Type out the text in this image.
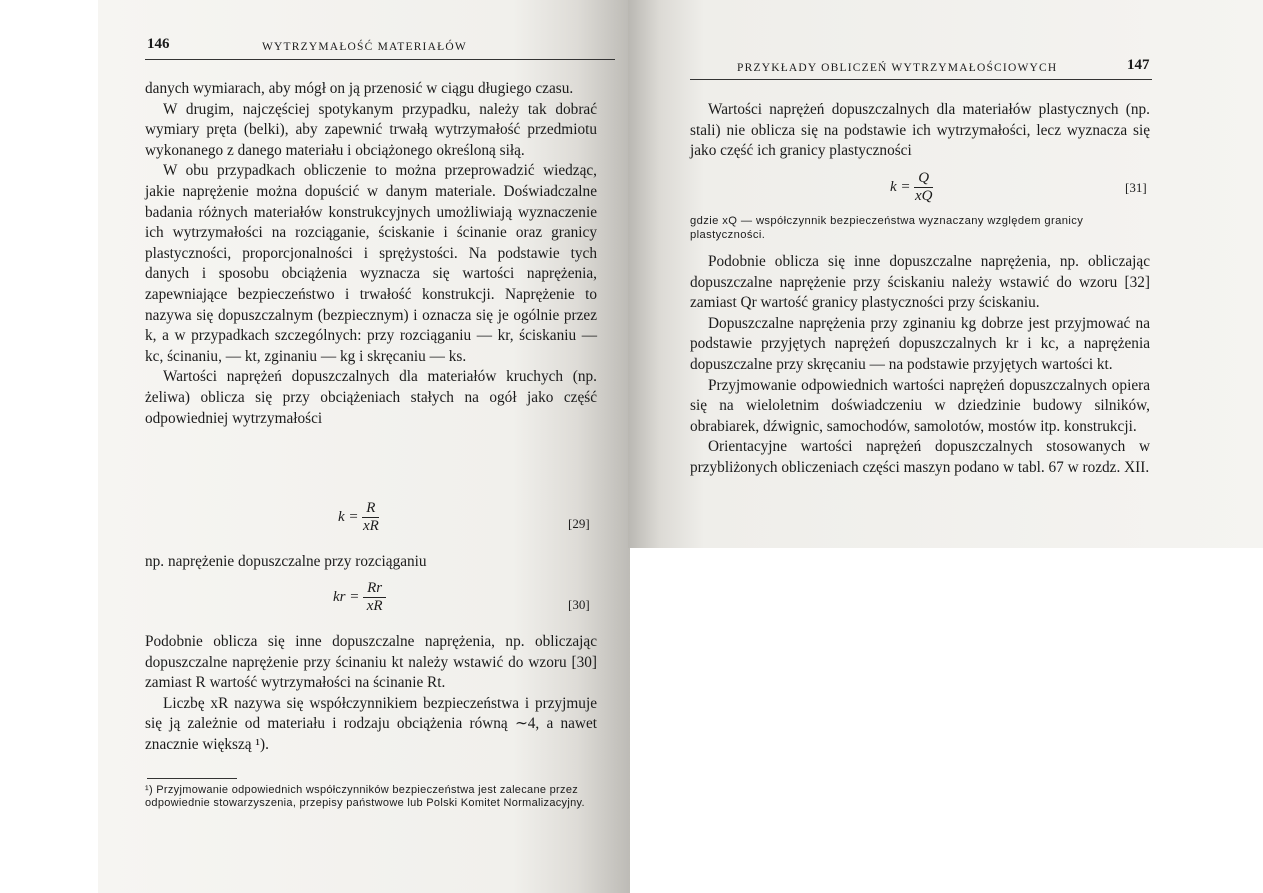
146	WYTRZYMAŁOŚĆ MATERIAŁÓW

danych wymiarach, aby mógł on ją przenosić w ciągu długiego czasu.

W drugim, najczęściej spotykanym przypadku, należy tak dobrać wymiary pręta (belki), aby zapewnić trwałą wytrzymałość przedmiotu wykonanego z danego materiału i obciążonego określoną siłą.

W obu przypadkach obliczenie to można przeprowadzić wiedząc, jakie naprężenie można dopuścić w danym materiale. Doświadczalne badania różnych materiałów konstrukcyjnych umożliwiają wyznaczenie ich wytrzymałości na rozciąganie, ściskanie i ścinanie oraz granicy plastyczności, proporcjonalności i sprężystości. Na podstawie tych danych i sposobu obciążenia wyznacza się wartości naprężenia, zapewniające bezpieczeństwo i trwałość konstrukcji. Naprężenie to nazywa się dopuszczalnym (bezpiecznym) i oznacza się je ogólnie przez k, a w przypadkach szczególnych: przy rozciąganiu — kr, ściskaniu — kc, ścinaniu, — kt, zginaniu — kg i skręcaniu — ks.

Wartości naprężeń dopuszczalnych dla materiałów kruchych (np. żeliwa) oblicza się przy obciążeniach stałych na ogół jako część odpowiedniej wytrzymałości

$k = \frac{R}{xR}$	[29]
np. naprężenie dopuszczalne przy rozciąganiu
kr = $\frac{Rr}{xR}$	[30]

Podobnie oblicza się inne dopuszczalne naprężenia, np. obliczając dopuszczalne naprężenie przy ścinaniu kt należy wstawić do wzoru [30] zamiast R wartość wytrzymałości na ścinanie Rt.

Liczbę xR nazywa się współczynnikiem bezpieczeństwa i przyjmuje się ją zależnie od materiału i rodzaju obciążenia równą ∼4, a nawet znacznie większą ¹).

¹) Przyjmowanie odpowiednich współczynników bezpieczeństwa jest zalecane przez odpowiednie stowarzyszenia, przepisy państwowe lub Polski Komitet Normalizacyjny.
PRZYKŁADY OBLICZEŃ WYTRZYMAŁOŚCIOWYCH	147

Wartości naprężeń dopuszczalnych dla materiałów plastycznych (np. stali) nie oblicza się na podstawie ich wytrzymałości, lecz wyznacza się jako część ich granicy plastyczności

$k = \frac{Q}{xQ}$	[31]
gdzie xQ — współczynnik bezpieczeństwa wyznaczany względem granicy plastyczności.

Podobnie oblicza się inne dopuszczalne naprężenia, np. obliczając dopuszczalne naprężenie przy ściskaniu należy wstawić do wzoru [32] zamiast Qr wartość granicy plastyczności przy ściskaniu.

Dopuszczalne naprężenia przy zginaniu kg dobrze jest przyjmować na podstawie przyjętych naprężeń dopuszczalnych kr i kc, a naprężenia dopuszczalne przy skręcaniu — na podstawie przyjętych wartości kt.

Przyjmowanie odpowiednich wartości naprężeń dopuszczalnych opiera się na wieloletnim doświadczeniu w dziedzinie budowy silników, obrabiarek, dźwignic, samochodów, samolotów, mostów itp. konstrukcji.

Orientacyjne wartości naprężeń dopuszczalnych stosowanych w przybliżonych obliczeniach części maszyn podano w tabl. 67 w rozdz. XII.
